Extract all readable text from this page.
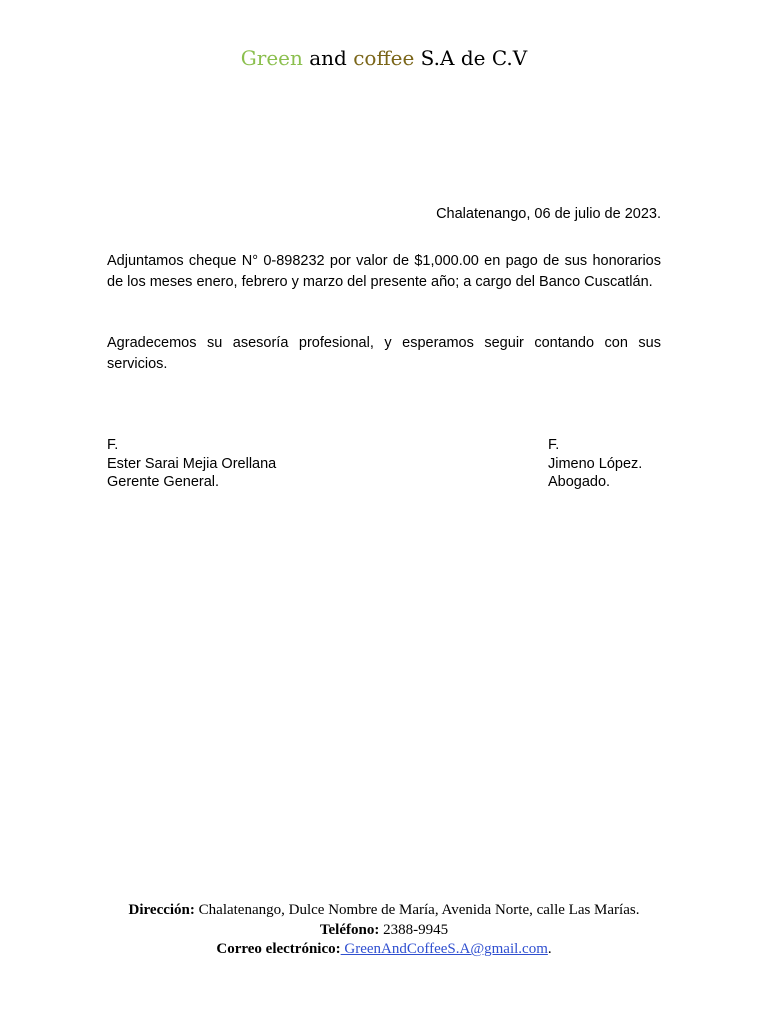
Green and coffee S.A de C.V
Chalatenango, 06 de julio de 2023.

Adjuntamos cheque N° 0-898232 por valor de $1,000.00 en pago de sus honorarios de los meses enero, febrero y marzo del presente año; a cargo del Banco Cuscatlán.

Agradecemos su asesoría profesional, y esperamos seguir contando con sus servicios.

F.
Ester Sarai Mejia Orellana
Gerente General.
F.
Jimeno López.
Abogado.
Dirección: Chalatenango, Dulce Nombre de María, Avenida Norte, calle Las Marías.
Teléfono: 2388-9945
Correo electrónico: GreenAndCoffeeS.A@gmail.com.
